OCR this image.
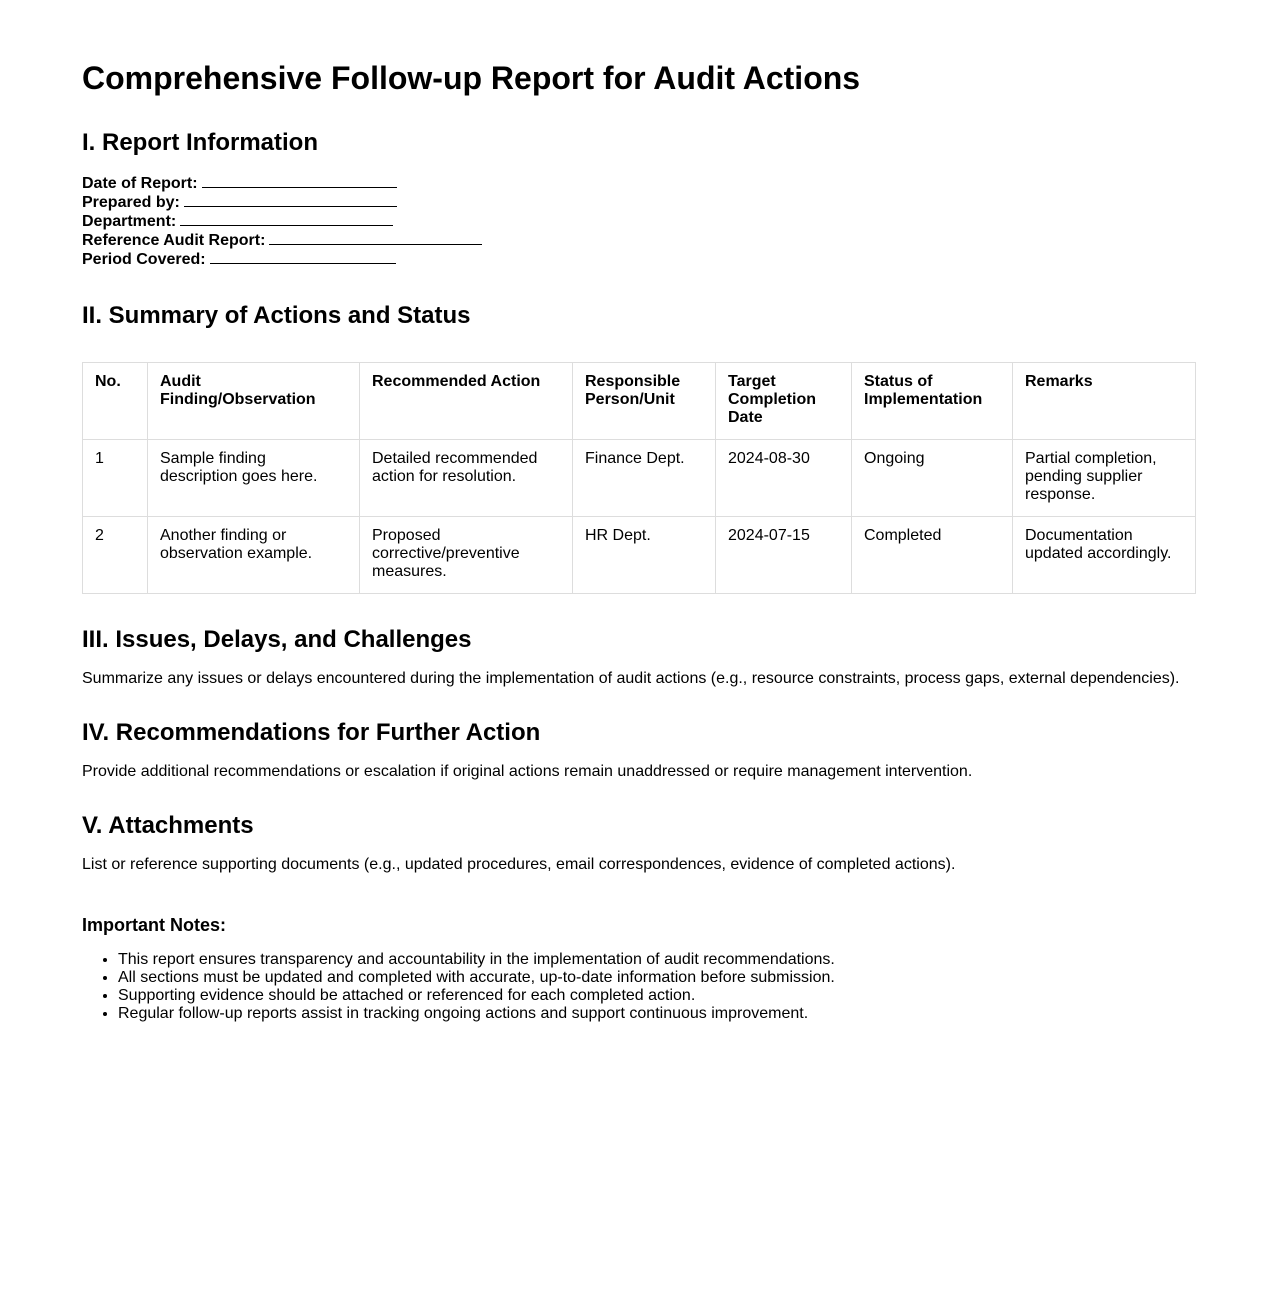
Comprehensive Follow-up Report for Audit Actions
I. Report Information
Date of Report:
Prepared by:
Department:
Reference Audit Report:
Period Covered:
II. Summary of Actions and Status
No.	Audit Finding/Observation	Recommended Action	Responsible Person/Unit	Target Completion Date	Status of Implementation	Remarks
1	Sample finding description goes here.	Detailed recommended action for resolution.	Finance Dept.	2024-08-30	Ongoing	Partial completion, pending supplier response.
2	Another finding or observation example.	Proposed corrective/preventive measures.	HR Dept.	2024-07-15	Completed	Documentation updated accordingly.
III. Issues, Delays, and Challenges

Summarize any issues or delays encountered during the implementation of audit actions (e.g., resource constraints, process gaps, external dependencies).

IV. Recommendations for Further Action

Provide additional recommendations or escalation if original actions remain unaddressed or require management intervention.

V. Attachments

List or reference supporting documents (e.g., updated procedures, email correspondences, evidence of completed actions).

Important Notes:
• This report ensures transparency and accountability in the implementation of audit recommendations.
• All sections must be updated and completed with accurate, up-to-date information before submission.
• Supporting evidence should be attached or referenced for each completed action.
• Regular follow-up reports assist in tracking ongoing actions and support continuous improvement.
